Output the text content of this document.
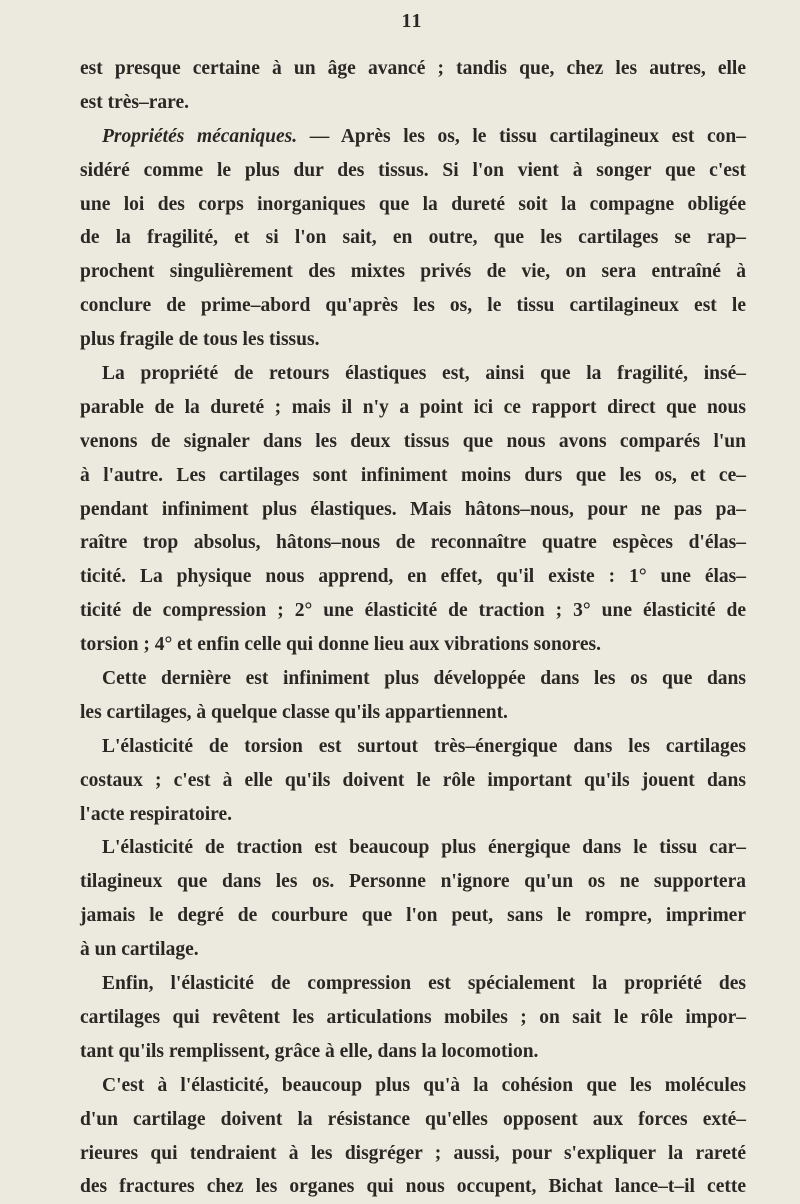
11
est presque certaine à un âge avancé ; tandis que, chez les autres, elle
est très–rare.
Propriétés mécaniques. — Après les os, le tissu cartilagineux est con–
sidéré comme le plus dur des tissus. Si l'on vient à songer que c'est
une loi des corps inorganiques que la dureté soit la compagne obligée
de la fragilité, et si l'on sait, en outre, que les cartilages se rap–
prochent singulièrement des mixtes privés de vie, on sera entraîné à
conclure de prime–abord qu'après les os, le tissu cartilagineux est le
plus fragile de tous les tissus.
La propriété de retours élastiques est, ainsi que la fragilité, insé–
parable de la dureté ; mais il n'y a point ici ce rapport direct que nous
venons de signaler dans les deux tissus que nous avons comparés l'un
à l'autre. Les cartilages sont infiniment moins durs que les os, et ce–
pendant infiniment plus élastiques. Mais hâtons–nous, pour ne pas pa–
raître trop absolus, hâtons–nous de reconnaître quatre espèces d'élas–
ticité. La physique nous apprend, en effet, qu'il existe : 1° une élas–
ticité de compression ; 2° une élasticité de traction ; 3° une élasticité de
torsion ; 4° et enfin celle qui donne lieu aux vibrations sonores.
Cette dernière est infiniment plus développée dans les os que dans
les cartilages, à quelque classe qu'ils appartiennent.
L'élasticité de torsion est surtout très–énergique dans les cartilages
costaux ; c'est à elle qu'ils doivent le rôle important qu'ils jouent dans
l'acte respiratoire.
L'élasticité de traction est beaucoup plus énergique dans le tissu car–
tilagineux que dans les os. Personne n'ignore qu'un os ne supportera
jamais le degré de courbure que l'on peut, sans le rompre, imprimer
à un cartilage.
Enfin, l'élasticité de compression est spécialement la propriété des
cartilages qui revêtent les articulations mobiles ; on sait le rôle impor–
tant qu'ils remplissent, grâce à elle, dans la locomotion.
C'est à l'élasticité, beaucoup plus qu'à la cohésion que les molécules
d'un cartilage doivent la résistance qu'elles opposent aux forces exté–
rieures qui tendraient à les disgréger ; aussi, pour s'expliquer la rareté
des fractures chez les organes qui nous occupent, Bichat lance–t–il cette
